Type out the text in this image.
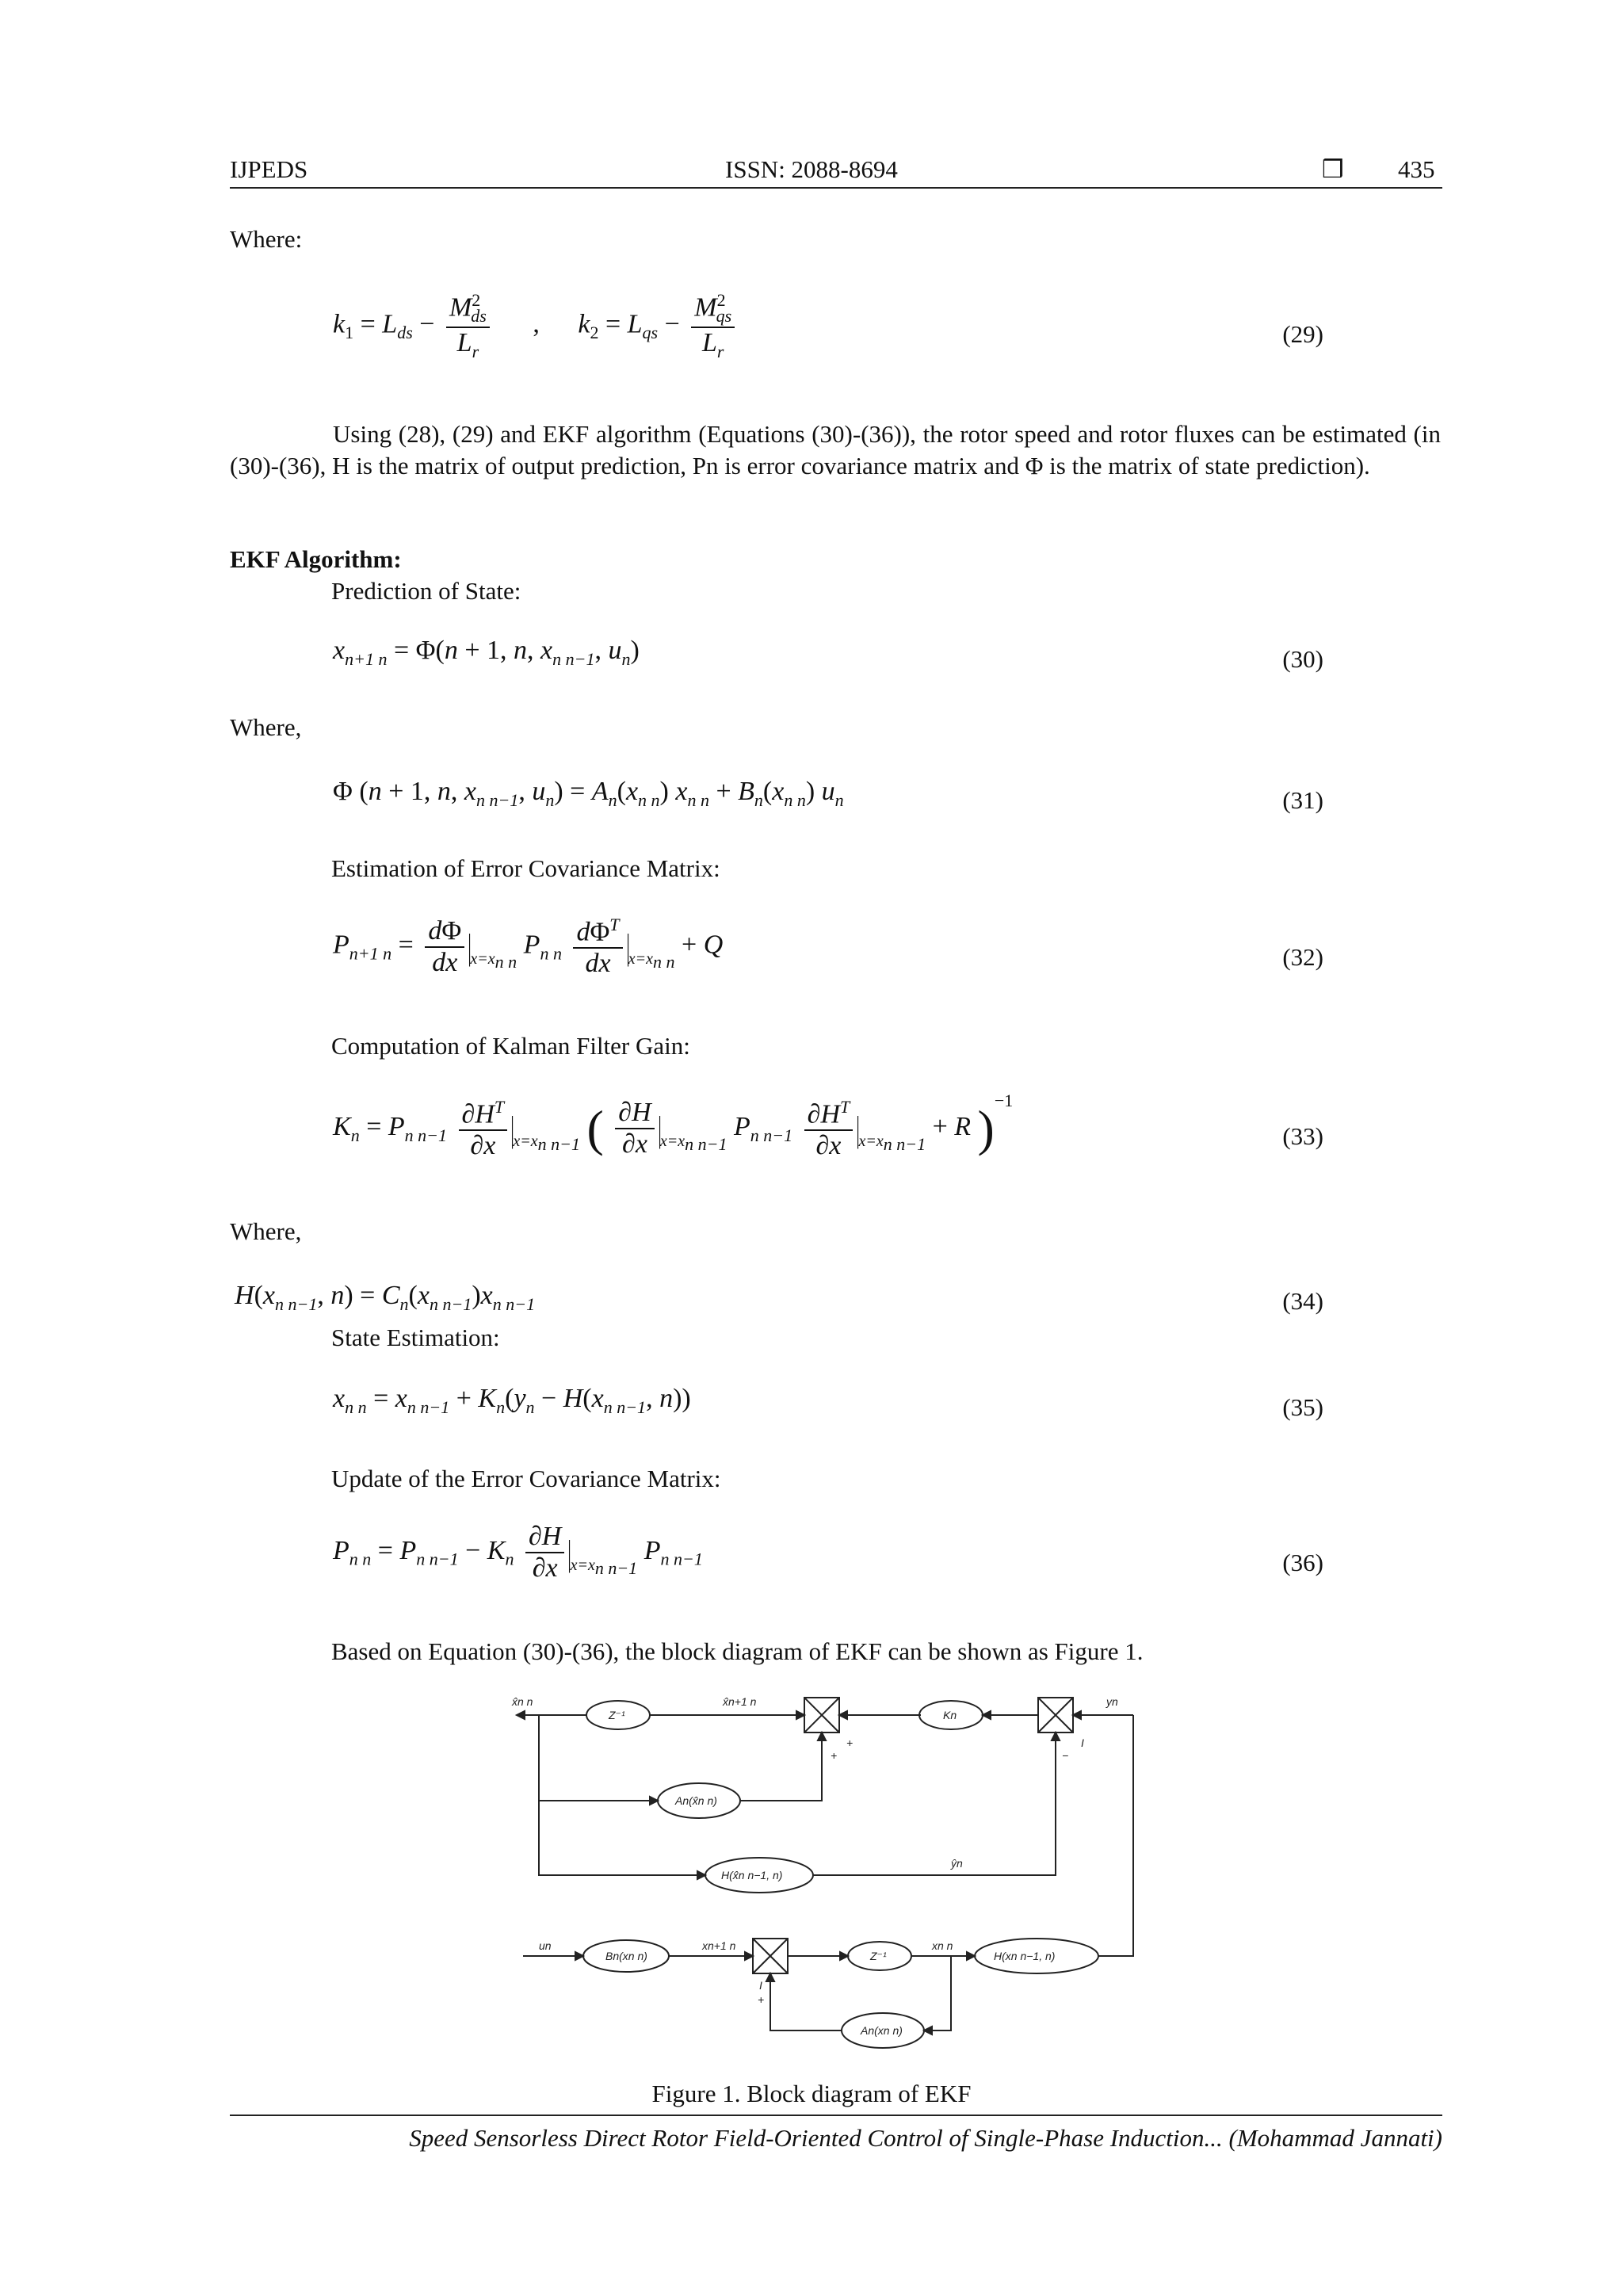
IJPEDS	ISSN: 2088-8694	❒ 435
Where:
$k_1 = L_{ds} - \frac{M^2_{ds}}{L_r}$ , $k_2 = L_{qs} - \frac{M^2_{qs}}{L_r}$	(29)
Using (28), (29) and EKF algorithm (Equations (30)-(36)), the rotor speed and rotor fluxes can be estimated (in (30)-(36), H is the matrix of output prediction, Pn is error covariance matrix and Φ is the matrix of state prediction).
EKF Algorithm:
Prediction of State:
$x_{n+1 n} = \Phi(n + 1$, n, $x_{n n-1}$, $u_n$)	(30)
Where,
Φ (n + 1, n, $x_{n n-1}$, $u_n) = A_n(x_{n n})$ $x_{n n} + B_n(x_{n n})$ $u_n$	(31)
Estimation of Error Covariance Matrix:
$P_{n+1 n} = \frac{d\Phi}{dx} |_{x=x_{n n}}$ $P_{n n} \frac{d\Phi^T}{dx} |_{x=x_{n n}} + Q$	(32)
Computation of Kalman Filter Gain:
$K_n = P_{n n-1} \frac{\partial H^T}{\partial x} |_{x=x_{n n-1}}$ ( $\frac{\partial H}{\partial x} |_{x=x_{n n-1}}$ $P_{n n-1} \frac{\partial H^T}{\partial x} |_{x=x_{n n-1}} + R$ )$^{-1}$
(33)
Where,
$H(x_{n n-1}$, $n) = C_n(x_{n n-1})x_{n n-1}$	(34)
State Estimation:
$x_{n n} = x_{n n-1} + K_n(y_n - H(x_{n n-1}$, n))	(35)
Update of the Error Covariance Matrix:
$P_{n n} = P_{n n-1} - K_n \frac{\partial H}{\partial x} |_{x=x_{n n-1}}$ $P_{n n-1}$	(36)
Based on Equation (30)-(36), the block diagram of EKF can be shown as Figure 1.
x̂n n
Z⁻¹
x̂n+1 n
Kn
yn
An(x̂n n)
H(x̂n n−1, n)
ŷn
+
+
I
−
un
Bn(xn n)
xn+1 n
Z⁻¹
xn n
H(xn n−1, n)
An(xn n)
I
+
Figure 1. Block diagram of EKF
Speed Sensorless Direct Rotor Field-Oriented Control of Single-Phase Induction... (Mohammad Jannati)
